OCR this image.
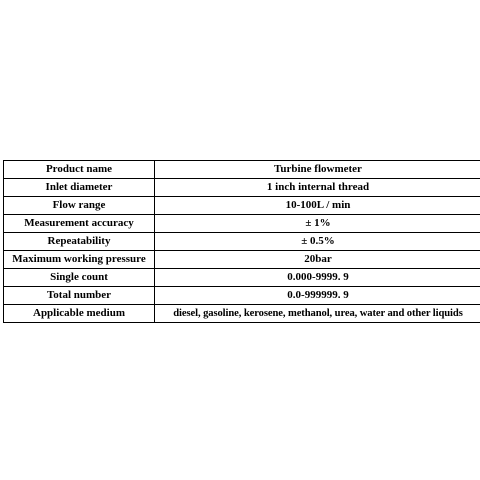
Product name	Turbine flowmeter
Inlet diameter	1 inch internal thread
Flow range	10-100L / min
Measurement accuracy	± 1%
Repeatability	± 0.5%
Maximum working pressure	20bar
Single count	0.000-9999. 9
Total number	0.0-999999. 9
Applicable medium	diesel, gasoline, kerosene, methanol, urea, water and other liquids
